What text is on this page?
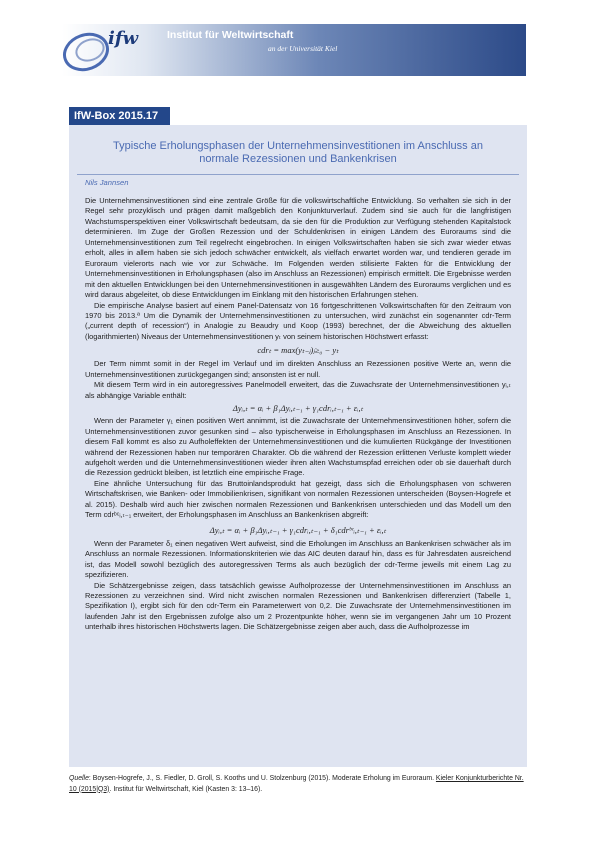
ifw	Institut für Weltwirtschaft
an der Universität Kiel
IfW-Box 2015.17
Typische Erholungsphasen der Unternehmensinvestitionen im Anschluss an
normale Rezessionen und Bankenkrisen
Nils Jannsen

Die Unternehmensinvestitionen sind eine zentrale Größe für die volkswirtschaftliche Entwicklung. So verhalten sie sich in der Regel sehr prozyklisch und prägen damit maßgeblich den Konjunkturverlauf. Zudem sind sie auch für die langfristigen Wachstumsperspektiven einer Volkswirtschaft bedeutsam, da sie den für die Produktion zur Verfügung stehenden Kapitalstock determinieren. Im Zuge der Großen Rezession und der Schuldenkrisen in einigen Ländern des Euroraums sind die Unternehmensinvestitionen zum Teil regelrecht eingebrochen. In einigen Volkswirtschaften haben sie sich zwar wieder etwas erholt, alles in allem haben sie sich jedoch schwächer entwickelt, als vielfach erwartet worden war, und tendieren gerade im Euroraum vielerorts nach wie vor zur Schwäche. Im Folgenden werden stilisierte Fakten für die Entwicklung der Unternehmensinvestitionen in Erholungsphasen (also im Anschluss an Rezessionen) empirisch ermittelt. Die Ergebnisse werden mit den aktuellen Entwicklungen bei den Unternehmensinvestitionen in ausgewählten Ländern des Euroraums verglichen und es wird daraus abgeleitet, ob diese Entwicklungen im Einklang mit den historischen Erfahrungen stehen.

Die empirische Analyse basiert auf einem Panel-Datensatz von 16 fortgeschrittenen Volkswirtschaften für den Zeitraum von 1970 bis 2013.ª Um die Dynamik der Unternehmensinvestitionen zu untersuchen, wird zunächst ein sogenannter cdr-Term („current depth of recession“) in Analogie zu Beaudry und Koop (1993) berechnet, der die Abweichung des aktuellen (logarithmierten) Niveaus der Unternehmensinvestitionen yₜ von seinem historischen Höchstwert erfasst:

cdrₜ = max(yₜ₋ⱼ)ⱼ≥₀ − yₜ

Der Term nimmt somit in der Regel im Verlauf und im direkten Anschluss an Rezessionen positive Werte an, wenn die Unternehmensinvestitionen zurückgegangen sind; ansonsten ist er null.

Mit diesem Term wird in ein autoregressives Panelmodell erweitert, das die Zuwachsrate der Unternehmensinvestitionen yᵢ,ₜ als abhängige Variable enthält:

Δyᵢ,ₜ = αᵢ + β₁Δyᵢ,ₜ₋₁ + γ₁cdrᵢ,ₜ₋₁ + εᵢ,ₜ

Wenn der Parameter γ₁ einen positiven Wert annimmt, ist die Zuwachsrate der Unternehmensinvestitionen höher, sofern die Unternehmensinvestitionen zuvor gesunken sind – also typischerweise in Erholungsphasen im Anschluss an Rezessionen. In diesem Fall kommt es also zu Aufholeffekten der Unternehmensinvestitionen und die kumulierten Rückgänge der Investitionen während der Rezessionen haben nur temporären Charakter. Ob die während der Rezession erlittenen Verluste komplett wieder aufgeholt werden und die Unternehmensinvestitionen wieder ihren alten Wachstumspfad erreichen oder ob sie dauerhaft durch die Rezession gedrückt bleiben, ist letztlich eine empirische Frage.

Eine ähnliche Untersuchung für das Bruttoinlandsprodukt hat gezeigt, dass sich die Erholungsphasen von schweren Wirtschaftskrisen, wie Banken- oder Immobilienkrisen, signifikant von normalen Rezessionen unterscheiden (Boysen-Hogrefe et al. 2015). Deshalb wird auch hier zwischen normalen Rezessionen und Bankenkrisen unterschieden und das Modell um den Term cdrᵇᶜᵢ,ₜ₋₁ erweitert, der Erholungsphasen im Anschluss an Bankenkrisen abgreift:

Δyᵢ,ₜ = αᵢ + β₁Δyᵢ,ₜ₋₁ + γ₁cdrᵢ,ₜ₋₁ + δ₁cdrᵇᶜᵢ,ₜ₋₁ + εᵢ,ₜ

Wenn der Parameter δ₁ einen negativen Wert aufweist, sind die Erholungen im Anschluss an Bankenkrisen schwächer als im Anschluss an normale Rezessionen. Informationskriterien wie das AIC deuten darauf hin, dass es für Jahresdaten ausreichend ist, das Modell sowohl bezüglich des autoregressiven Terms als auch bezüglich der cdr-Terme jeweils mit einem Lag zu spezifizieren.

Die Schätzergebnisse zeigen, dass tatsächlich gewisse Aufholprozesse der Unternehmensinvestitionen im Anschluss an Rezessionen zu verzeichnen sind. Wird nicht zwischen normalen Rezessionen und Bankenkrisen differenziert (Tabelle 1, Spezifikation I), ergibt sich für den cdr-Term ein Parameterwert von 0,2. Die Zuwachsrate der Unternehmensinvestitionen im laufenden Jahr ist den Ergebnissen zufolge also um 2 Prozentpunkte höher, wenn sie im vergangenen Jahr um 10 Prozent unterhalb ihres historischen Höchstwerts lagen. Die Schätzergebnisse zeigen aber auch, dass die Aufholprozesse im

Quelle: Boysen-Hogrefe, J., S. Fiedler, D. Groll, S. Kooths und U. Stolzenburg (2015). Moderate Erholung im Euroraum. Kieler Konjunkturberichte Nr. 10 (2015|Q3). Institut für Weltwirtschaft, Kiel (Kasten 3: 13–16).
